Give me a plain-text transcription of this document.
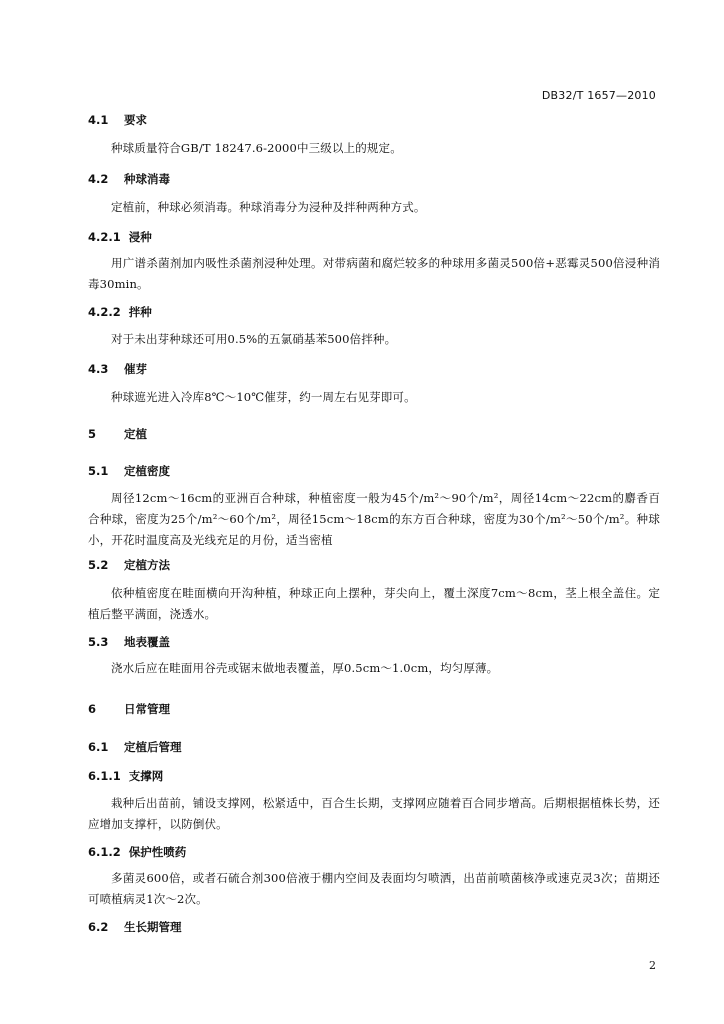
DB32/T 1657—2010
4.1 要求
种球质量符合GB/T 18247.6-2000中三级以上的规定。
4.2 种球消毒
定植前，种球必须消毒。种球消毒分为浸种及拌种两种方式。
4.2.1 浸种
用广谱杀菌剂加内吸性杀菌剂浸种处理。对带病菌和腐烂较多的种球用多菌灵500倍+恶霉灵500倍浸种消毒30min。
4.2.2 拌种
对于未出芽种球还可用0.5%的五氯硝基苯500倍拌种。
4.3 催芽
种球遮光进入冷库8℃～10℃催芽，约一周左右见芽即可。
5 定植
5.1 定植密度
周径12cm～16cm的亚洲百合种球，种植密度一般为45个/m²～90个/m²，周径14cm～22cm的麝香百合种球，密度为25个/m²～60个/m²，周径15cm～18cm的东方百合种球，密度为30个/m²～50个/m²。种球小，开花时温度高及光线充足的月份，适当密植
5.2 定植方法
依种植密度在畦面横向开沟种植，种球正向上摆种，芽尖向上，覆土深度7cm～8cm，茎上根全盖住。定植后整平满面，浇透水。
5.3 地表覆盖
浇水后应在畦面用谷壳或锯末做地表覆盖，厚0.5cm～1.0cm，均匀厚薄。
6 日常管理
6.1 定植后管理
6.1.1 支撑网
栽种后出苗前，铺设支撑网，松紧适中，百合生长期，支撑网应随着百合同步增高。后期根据植株长势，还应增加支撑杆，以防倒伏。
6.1.2 保护性喷药
多菌灵600倍，或者石硫合剂300倍液于棚内空间及表面均匀喷洒，出苗前喷菌核净或速克灵3次；苗期还可喷植病灵1次～2次。
6.2 生长期管理
2
